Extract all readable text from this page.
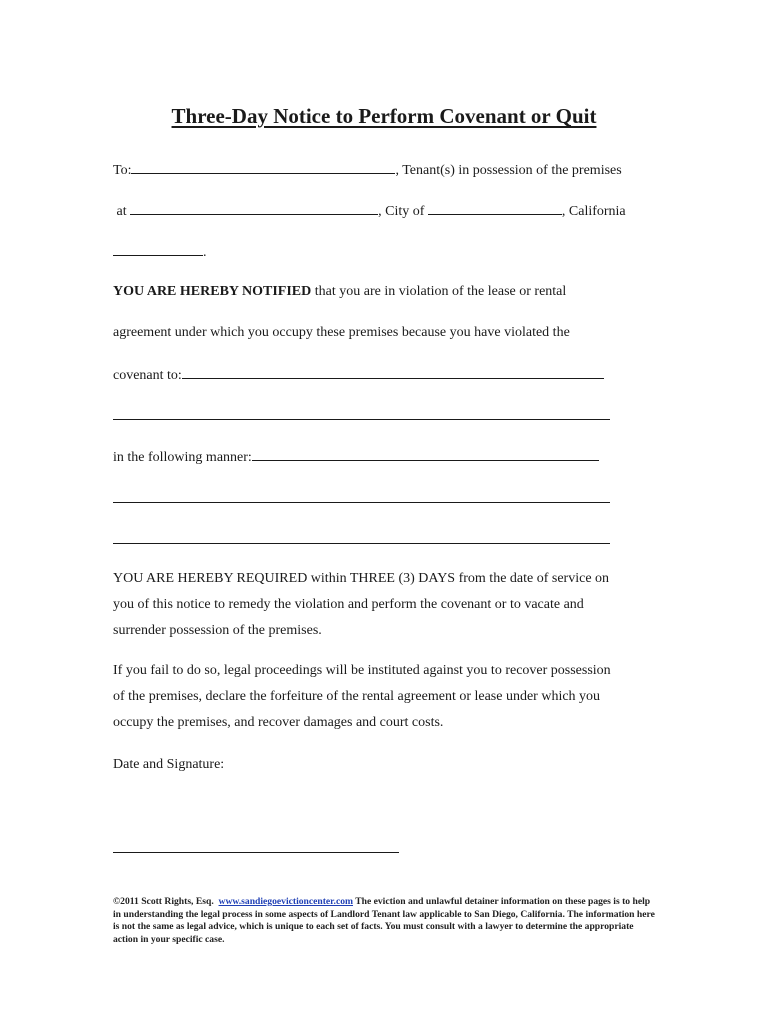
Three-Day Notice to Perform Covenant or Quit
To:	, Tenant(s) in possession of the premises
at	, City of	, California
.
YOU ARE HEREBY NOTIFIED that you are in violation of the lease or rental
agreement under which you occupy these premises because you have violated the
covenant to:
in the following manner:
YOU ARE HEREBY REQUIRED within THREE (3) DAYS from the date of service on
you of this notice to remedy the violation and perform the covenant or to vacate and
surrender possession of the premises.
If you fail to do so, legal proceedings will be instituted against you to recover possession
of the premises, declare the forfeiture of the rental agreement or lease under which you
occupy the premises, and recover damages and court costs.
Date and Signature:
©2011 Scott Rights, Esq. www.sandiegoevictioncenter.com The eviction and unlawful detainer information on these pages is to help in understanding the legal process in some aspects of Landlord Tenant law applicable to San Diego, California. The information here is not the same as legal advice, which is unique to each set of facts. You must consult with a lawyer to determine the appropriate action in your specific case.
